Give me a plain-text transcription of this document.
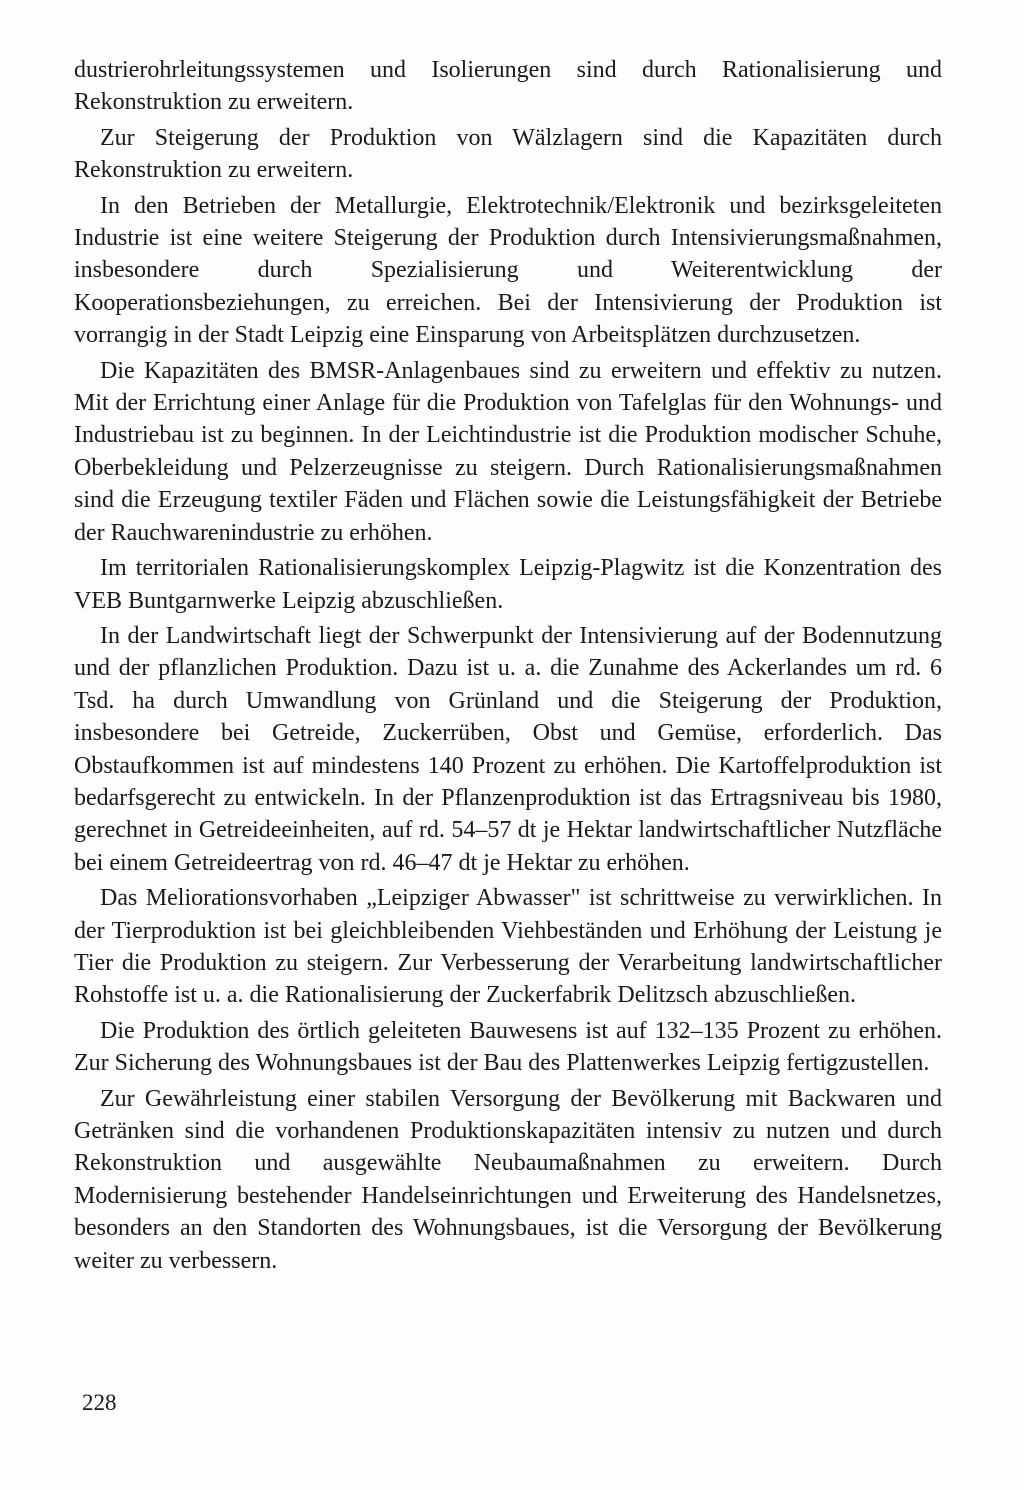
dustrierohrleitungssystemen und Isolierungen sind durch Rationalisierung und Rekonstruktion zu erweitern.

Zur Steigerung der Produktion von Wälzlagern sind die Kapazitäten durch Rekonstruktion zu erweitern.

In den Betrieben der Metallurgie, Elektrotechnik/Elektronik und bezirksgeleiteten Industrie ist eine weitere Steigerung der Produktion durch Intensivierungsmaßnahmen, insbesondere durch Spezialisierung und Weiterentwicklung der Kooperationsbeziehungen, zu erreichen. Bei der Intensivierung der Produktion ist vorrangig in der Stadt Leipzig eine Einsparung von Arbeitsplätzen durchzusetzen.

Die Kapazitäten des BMSR-Anlagenbaues sind zu erweitern und effektiv zu nutzen. Mit der Errichtung einer Anlage für die Produktion von Tafelglas für den Wohnungs- und Industriebau ist zu beginnen. In der Leichtindustrie ist die Produktion modischer Schuhe, Oberbekleidung und Pelzerzeugnisse zu steigern. Durch Rationalisierungsmaßnahmen sind die Erzeugung textiler Fäden und Flächen sowie die Leistungsfähigkeit der Betriebe der Rauchwarenindustrie zu erhöhen.

Im territorialen Rationalisierungskomplex Leipzig-Plagwitz ist die Konzentration des VEB Buntgarnwerke Leipzig abzuschließen.

In der Landwirtschaft liegt der Schwerpunkt der Intensivierung auf der Bodennutzung und der pflanzlichen Produktion. Dazu ist u. a. die Zunahme des Ackerlandes um rd. 6 Tsd. ha durch Umwandlung von Grünland und die Steigerung der Produktion, insbesondere bei Getreide, Zuckerrüben, Obst und Gemüse, erforderlich. Das Obstaufkommen ist auf mindestens 140 Prozent zu erhöhen. Die Kartoffelproduktion ist bedarfsgerecht zu entwickeln. In der Pflanzenproduktion ist das Ertragsniveau bis 1980, gerechnet in Getreideeinheiten, auf rd. 54–57 dt je Hektar landwirtschaftlicher Nutzfläche bei einem Getreideertrag von rd. 46–47 dt je Hektar zu erhöhen.

Das Meliorationsvorhaben „Leipziger Abwasser" ist schrittweise zu verwirklichen. In der Tierproduktion ist bei gleichbleibenden Viehbeständen und Erhöhung der Leistung je Tier die Produktion zu steigern. Zur Verbesserung der Verarbeitung landwirtschaftlicher Rohstoffe ist u. a. die Rationalisierung der Zuckerfabrik Delitzsch abzuschließen.

Die Produktion des örtlich geleiteten Bauwesens ist auf 132–135 Prozent zu erhöhen. Zur Sicherung des Wohnungsbaues ist der Bau des Plattenwerkes Leipzig fertigzustellen.

Zur Gewährleistung einer stabilen Versorgung der Bevölkerung mit Backwaren und Getränken sind die vorhandenen Produktionskapazitäten intensiv zu nutzen und durch Rekonstruktion und ausgewählte Neubaumaßnahmen zu erweitern. Durch Modernisierung bestehender Handelseinrichtungen und Erweiterung des Handelsnetzes, besonders an den Standorten des Wohnungsbaues, ist die Versorgung der Bevölkerung weiter zu verbessern.

228
